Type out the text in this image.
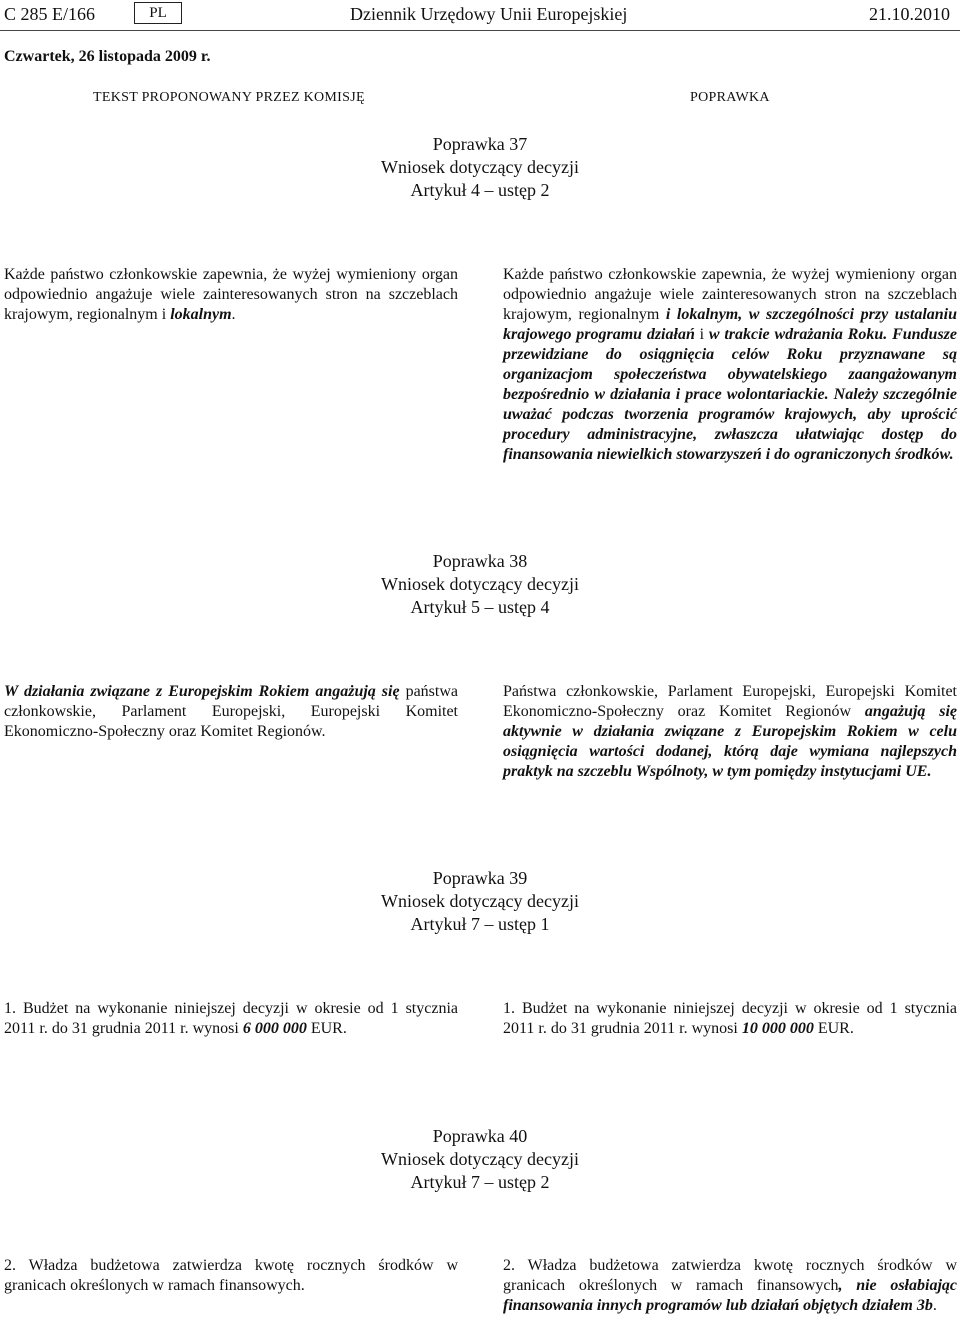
C 285 E/166	PL	Dziennik Urzędowy Unii Europejskiej	21.10.2010
Czwartek, 26 listopada 2009 r.
TEKST PROPONOWANY PRZEZ KOMISJĘ	POPRAWKA
Poprawka 37
Wniosek dotyczący decyzji
Artykuł 4 – ustęp 2
Każde państwo członkowskie zapewnia, że wyżej wymieniony organ odpowiednio angażuje wiele zainteresowanych stron na szczeblach krajowym, regionalnym i lokalnym.
Każde państwo członkowskie zapewnia, że wyżej wymieniony organ odpowiednio angażuje wiele zainteresowanych stron na szczeblach krajowym, regionalnym i lokalnym, w szczególności przy ustalaniu krajowego programu działań i w trakcie wdrażania Roku. Fundusze przewidziane do osiągnięcia celów Roku przyznawane są organizacjom społeczeństwa obywatelskiego zaangażowanym bezpośrednio w działania i prace wolontariackie. Należy szczególnie uważać podczas tworzenia programów krajowych, aby uprościć procedury administracyjne, zwłaszcza ułatwiając dostęp do finansowania niewielkich stowarzyszeń i do ograniczonych środków.
Poprawka 38
Wniosek dotyczący decyzji
Artykuł 5 – ustęp 4
W działania związane z Europejskim Rokiem angażują się państwa członkowskie, Parlament Europejski, Europejski Komitet Ekonomiczno-Społeczny oraz Komitet Regionów.
Państwa członkowskie, Parlament Europejski, Europejski Komitet Ekonomiczno-Społeczny oraz Komitet Regionów angażują się aktywnie w działania związane z Europejskim Rokiem w celu osiągnięcia wartości dodanej, którą daje wymiana najlepszych praktyk na szczeblu Wspólnoty, w tym pomiędzy instytucjami UE.
Poprawka 39
Wniosek dotyczący decyzji
Artykuł 7 – ustęp 1
1. Budżet na wykonanie niniejszej decyzji w okresie od 1 stycznia 2011 r. do 31 grudnia 2011 r. wynosi 6 000 000 EUR.
1. Budżet na wykonanie niniejszej decyzji w okresie od 1 stycznia 2011 r. do 31 grudnia 2011 r. wynosi 10 000 000 EUR.
Poprawka 40
Wniosek dotyczący decyzji
Artykuł 7 – ustęp 2
2. Władza budżetowa zatwierdza kwotę rocznych środków w granicach określonych w ramach finansowych.
2. Władza budżetowa zatwierdza kwotę rocznych środków w granicach określonych w ramach finansowych, nie osłabiając finansowania innych programów lub działań objętych działem 3b.
